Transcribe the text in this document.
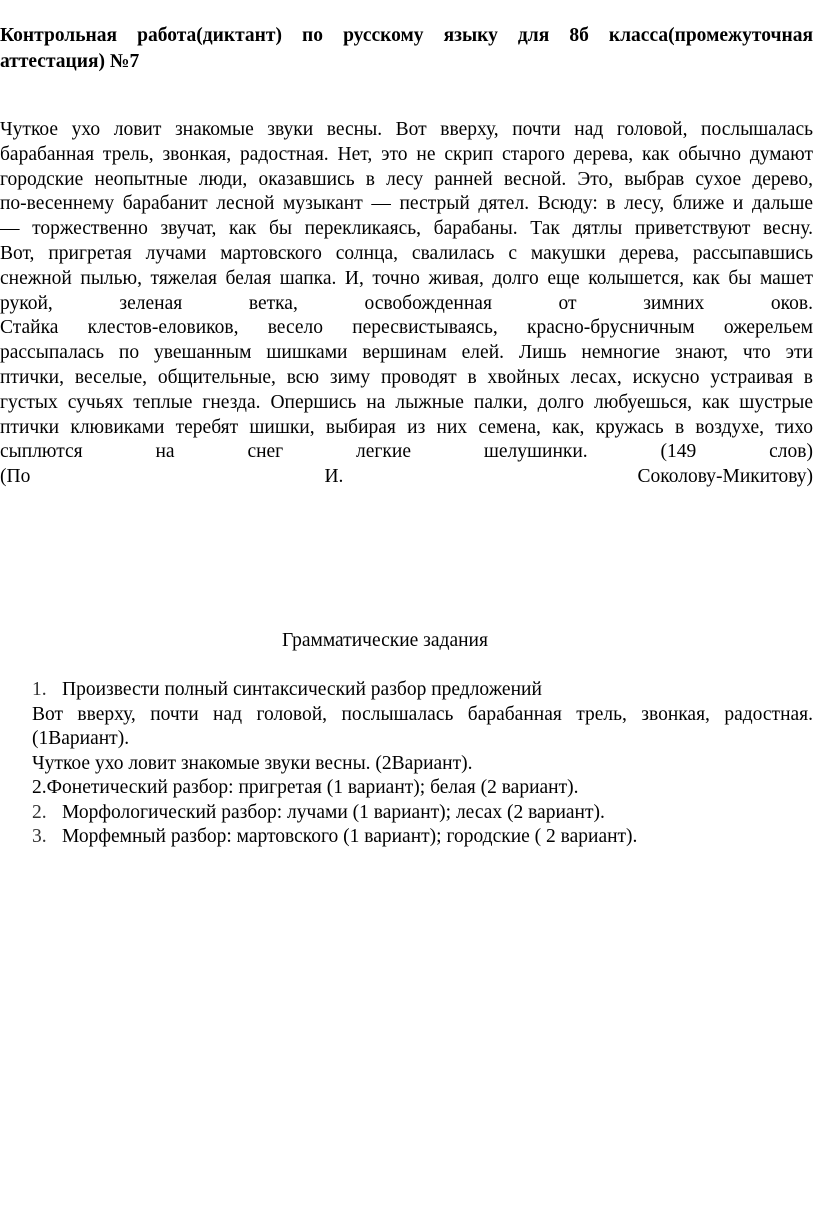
Контрольная работа(диктант) по русскому языку для 8б класса(промежуточная аттестация) №7

Чуткое ухо ловит знакомые звуки весны. Вот вверху, почти над головой, послышалась
барабанная трель, звонкая, радостная. Нет, это не скрип старого дерева, как обычно думают
городские неопытные люди, оказавшись в лесу ранней весной. Это, выбрав сухое дерево,
по-весеннему барабанит лесной музыкант — пестрый дятел. Всюду: в лесу, ближе и дальше
— торжественно звучат, как бы перекликаясь, барабаны. Так дятлы приветствуют весну.
Вот, пригретая лучами мартовского солнца, свалилась с макушки дерева, рассыпавшись
снежной пылью, тяжелая белая шапка. И, точно живая, долго еще колышется, как бы машет
рукой, зеленая ветка, освобожденная от зимних оков.
Стайка клестов-еловиков, весело пересвистываясь, красно-брусничным ожерельем
рассыпалась по увешанным шишками вершинам елей. Лишь немногие знают, что эти
птички, веселые, общительные, всю зиму проводят в хвойных лесах, искусно устраивая в
густых сучьях теплые гнезда. Опершись на лыжные палки, долго любуешься, как шустрые
птички клювиками теребят шишки, выбирая из них семена, как, кружась в воздухе, тихо
сыплются на снег легкие шелушинки. (149 слов)
(По И. Соколову-Микитову)
Грамматические задания
1. Произвести полный синтаксический разбор предложений
Вот вверху, почти над головой, послышалась барабанная трель, звонкая, радостная.
(1Вариант).
Чуткое ухо ловит знакомые звуки весны. (2Вариант).
2.Фонетический разбор: пригретая (1 вариант); белая (2 вариант).
2. Морфологический разбор: лучами (1 вариант); лесах (2 вариант).
3. Морфемный разбор: мартовского (1 вариант); городские ( 2 вариант).
